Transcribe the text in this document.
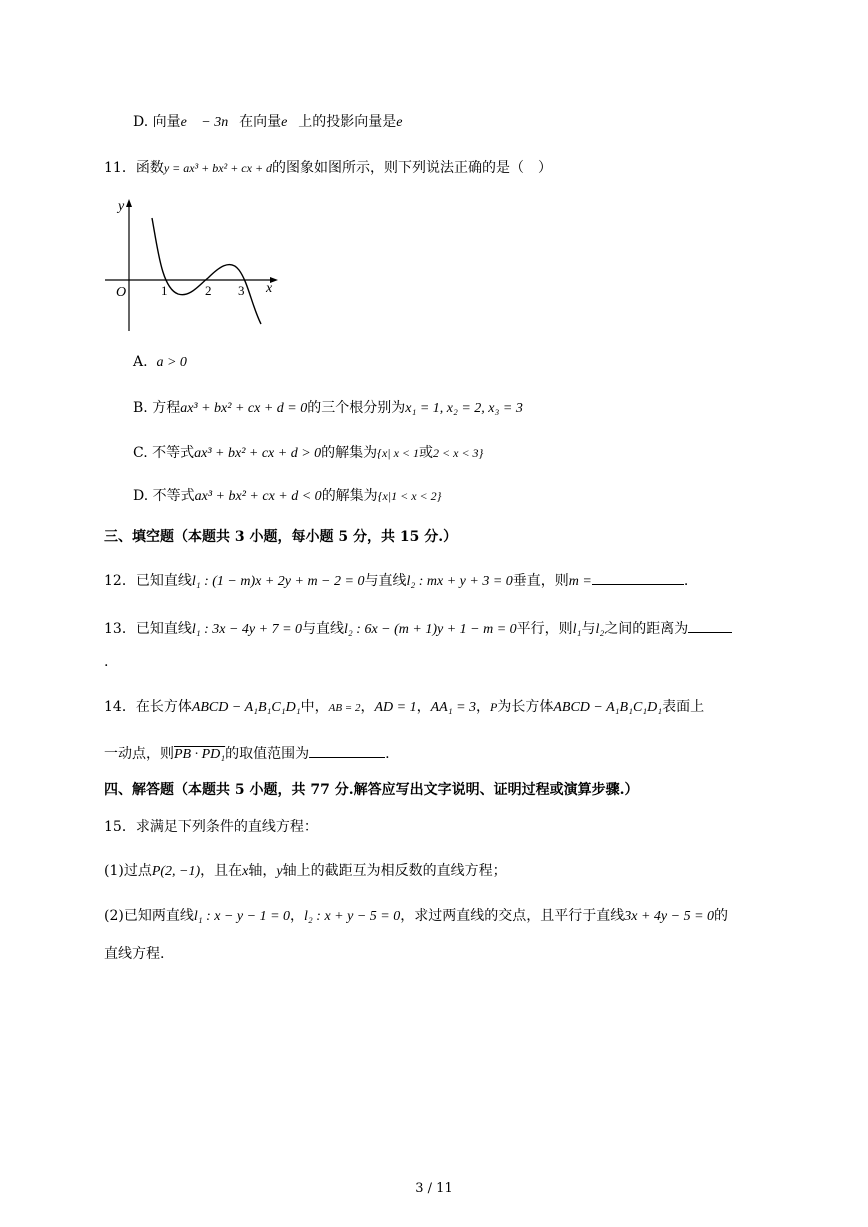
D. 向量e⃗ − 3n⃗在向量e⃗上的投影向量是e⃗
11．函数y = ax³ + bx² + cx + d的图象如图所示，则下列说法正确的是（　）
y
x
O	1	2 3
A. a > 0
B. 方程ax³ + bx² + cx + d = 0的三个根分别为x₁ = 1, x₂ = 2, x₃ = 3
C. 不等式ax³ + bx² + cx + d > 0的解集为{x| x < 1或2 < x < 3}
D. 不等式ax³ + bx² + cx + d < 0的解集为{x|1 < x < 2}
三、填空题（本题共 3 小题，每小题 5 分，共 15 分.）
12．已知直线l₁ : (1 − m)x + 2y + m − 2 = 0与直线l₂ : mx + y + 3 = 0垂直，则m =	.
13．已知直线l₁ : 3x − 4y + 7 = 0与直线l₂ : 6x − (m + 1)y + 1 − m = 0平行，则l₁与l₂之间的距离为
.
14．在长方体ABCD − A₁B₁C₁D₁中，AB = 2，AD = 1，AA₁ = 3，P为长方体ABCD − A₁B₁C₁D₁表面上
一动点，则PB · PD₁的取值范围为	.
四、解答题（本题共 5 小题，共 77 分.解答应写出文字说明、证明过程或演算步骤.）
15．求满足下列条件的直线方程：
(1)过点P(2, −1)，且在x轴，y轴上的截距互为相反数的直线方程；
(2)已知两直线l₁ : x − y − 1 = 0，l₂ : x + y − 5 = 0，求过两直线的交点，且平行于直线3x + 4y − 5 = 0的
直线方程.
3 / 11
